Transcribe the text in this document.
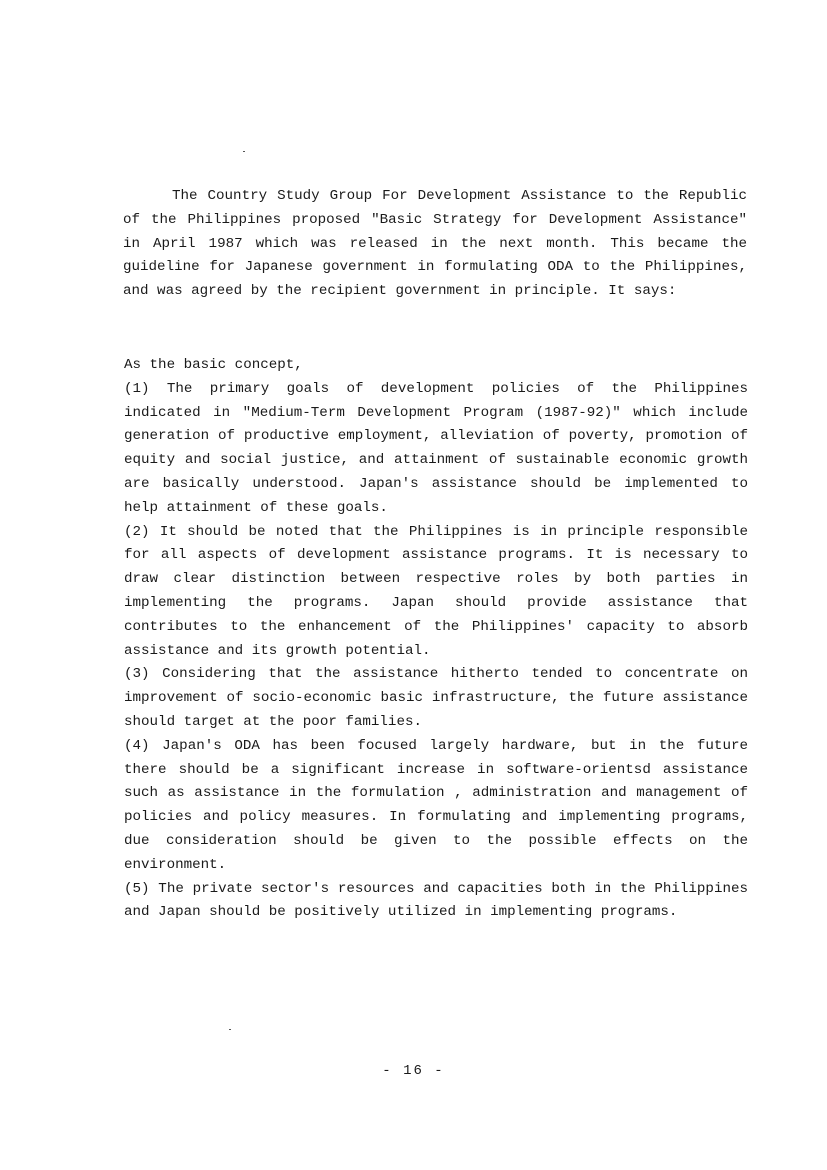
The Country Study Group For Development Assistance to the Republic of the Philippines proposed "Basic Strategy for Development Assistance" in April 1987 which was released in the next month. This became the guideline for Japanese government in formulating ODA to the Philippines, and was agreed by the recipient government in principle. It says:

As the basic concept,

(1) The primary goals of development policies of the Philippines indicated in "Medium-Term Development Program (1987-92)" which include generation of productive employment, alleviation of poverty, promotion of equity and social justice, and attainment of sustainable economic growth are basically understood. Japan's assistance should be implemented to help attainment of these goals.

(2) It should be noted that the Philippines is in principle responsible for all aspects of development assistance programs. It is necessary to draw clear distinction between respective roles by both parties in implementing the programs. Japan should provide assistance that contributes to the enhancement of the Philippines' capacity to absorb assistance and its growth potential.

(3) Considering that the assistance hitherto tended to concentrate on improvement of socio-economic basic infrastructure, the future assistance should target at the poor families.

(4) Japan's ODA has been focused largely hardware, but in the future there should be a significant increase in software-orientsd assistance such as assistance in the formulation , administration and management of policies and policy measures. In formulating and implementing programs, due consideration should be given to the possible effects on the environment.

(5) The private sector's resources and capacities both in the Philippines and Japan should be positively utilized in implementing programs.

- 16 -
